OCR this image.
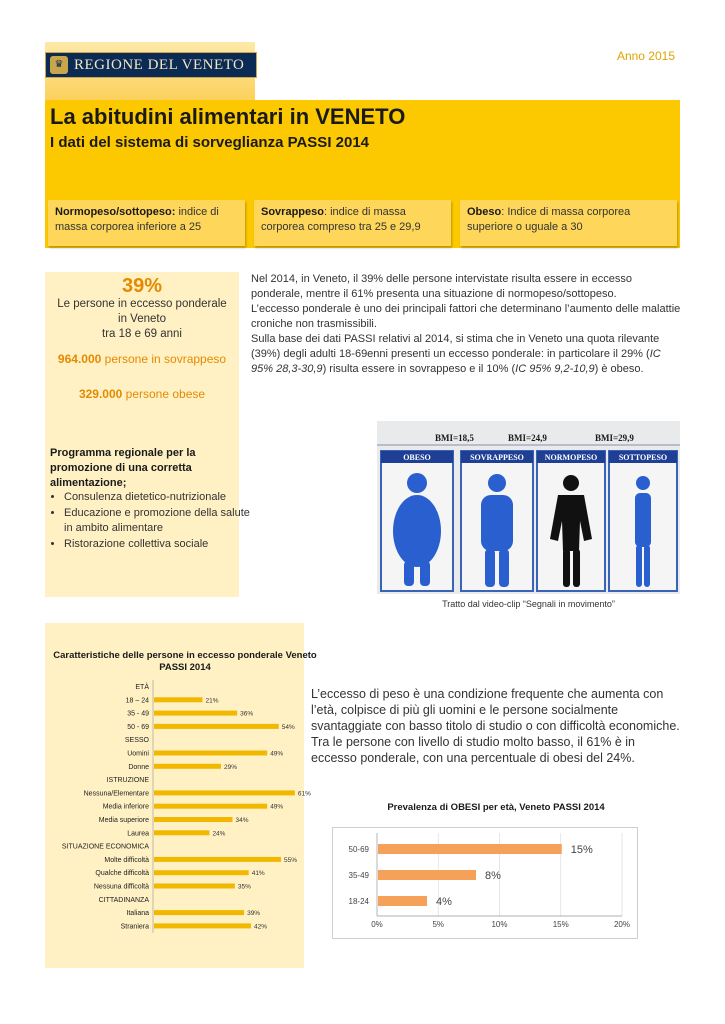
♛ REGIONE DEL VENETO
Anno 2015
La abitudini alimentari in VENETO
I dati del sistema di sorveglianza PASSI 2014
Normopeso/sottopeso: indice di massa corporea inferiore a 25
Sovrappeso: indice di massa corporea compreso tra 25 e 29,9
Obeso: Indice di massa corporea superiore o uguale a 30
39%
Le persone in eccesso ponderale
in Veneto
tra 18 e 69 anni
964.000 persone in sovrappeso
329.000 persone obese
Programma regionale per la promozione di una corretta alimentazione;
• Consulenza dietetico-nutrizionale
• Educazione e promozione della salute in ambito alimentare
• Ristorazione collettiva sociale
Nel 2014, in Veneto, il 39% delle persone intervistate risulta essere in eccesso ponderale, mentre il 61% presenta una situazione di normopeso/sottopeso.
L’eccesso ponderale è uno dei principali fattori che determinano l’aumento delle malattie croniche non trasmissibili.
Sulla base dei dati PASSI relativi al 2014, si stima che in Veneto una quota rilevante (39%) degli adulti 18-69enni presenti un eccesso ponderale: in particolare il 29% (IC 95% 28,3-30,9) risulta essere in sovrappeso e il 10% (IC 95% 9,2-10,9) è obeso.
BMI=18,5	BMI=24,9	BMI=29,9
OBESO	SOVRAPPESO	NORMOPESO	SOTTOPESO
Tratto dal video-clip “Segnali in movimento”
Caratteristiche delle persone in eccesso ponderale Veneto PASSI 2014
ETÀ
18 – 24	21%
35 - 49	36%
50 - 69	54%
SESSO
Uomini	49%
Donne	29%
ISTRUZIONE
Nessuna/Elementare	61%
Media inferiore	49%
Media superiore	34%
Laurea	24%
SITUAZIONE ECONOMICA
Molte difficoltà	55%
Qualche difficoltà	41%
Nessuna difficoltà	35%
CITTADINANZA
Italiana	39%
Straniera	42%
L’eccesso di peso è una condizione frequente che aumenta con l’età, colpisce di più gli uomini e le persone socialmente svantaggiate con basso titolo di studio o con difficoltà economiche. Tra le persone con livello di studio molto basso, il 61% è in eccesso ponderale, con una percentuale di obesi del 24%.
Prevalenza di OBESI per età, Veneto PASSI 2014
0%	5%	10%	15%	20%
50-69	15%
35-49	8%
18-24	4%
